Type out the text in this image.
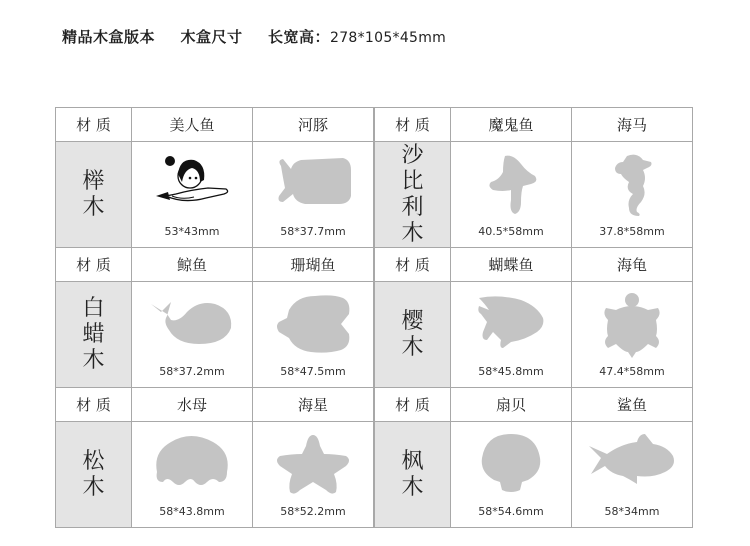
精品木盒版本 木盒尺寸 长宽高：278*105*45mm
材 质	美人鱼	河豚
榉木	53*43mm	58*37.7mm

材 质	鲸鱼	珊瑚鱼
白蜡木	58*37.2mm	58*47.5mm

材 质	水母	海星
松木	58*43.8mm	58*52.2mm
材 质	魔鬼鱼	海马
沙比利木	40.5*58mm	37.8*58mm

材 质	蝴蝶鱼	海龟
樱木	58*45.8mm	47.4*58mm

材 质	扇贝	鲨鱼
枫木	58*54.6mm	58*34mm
